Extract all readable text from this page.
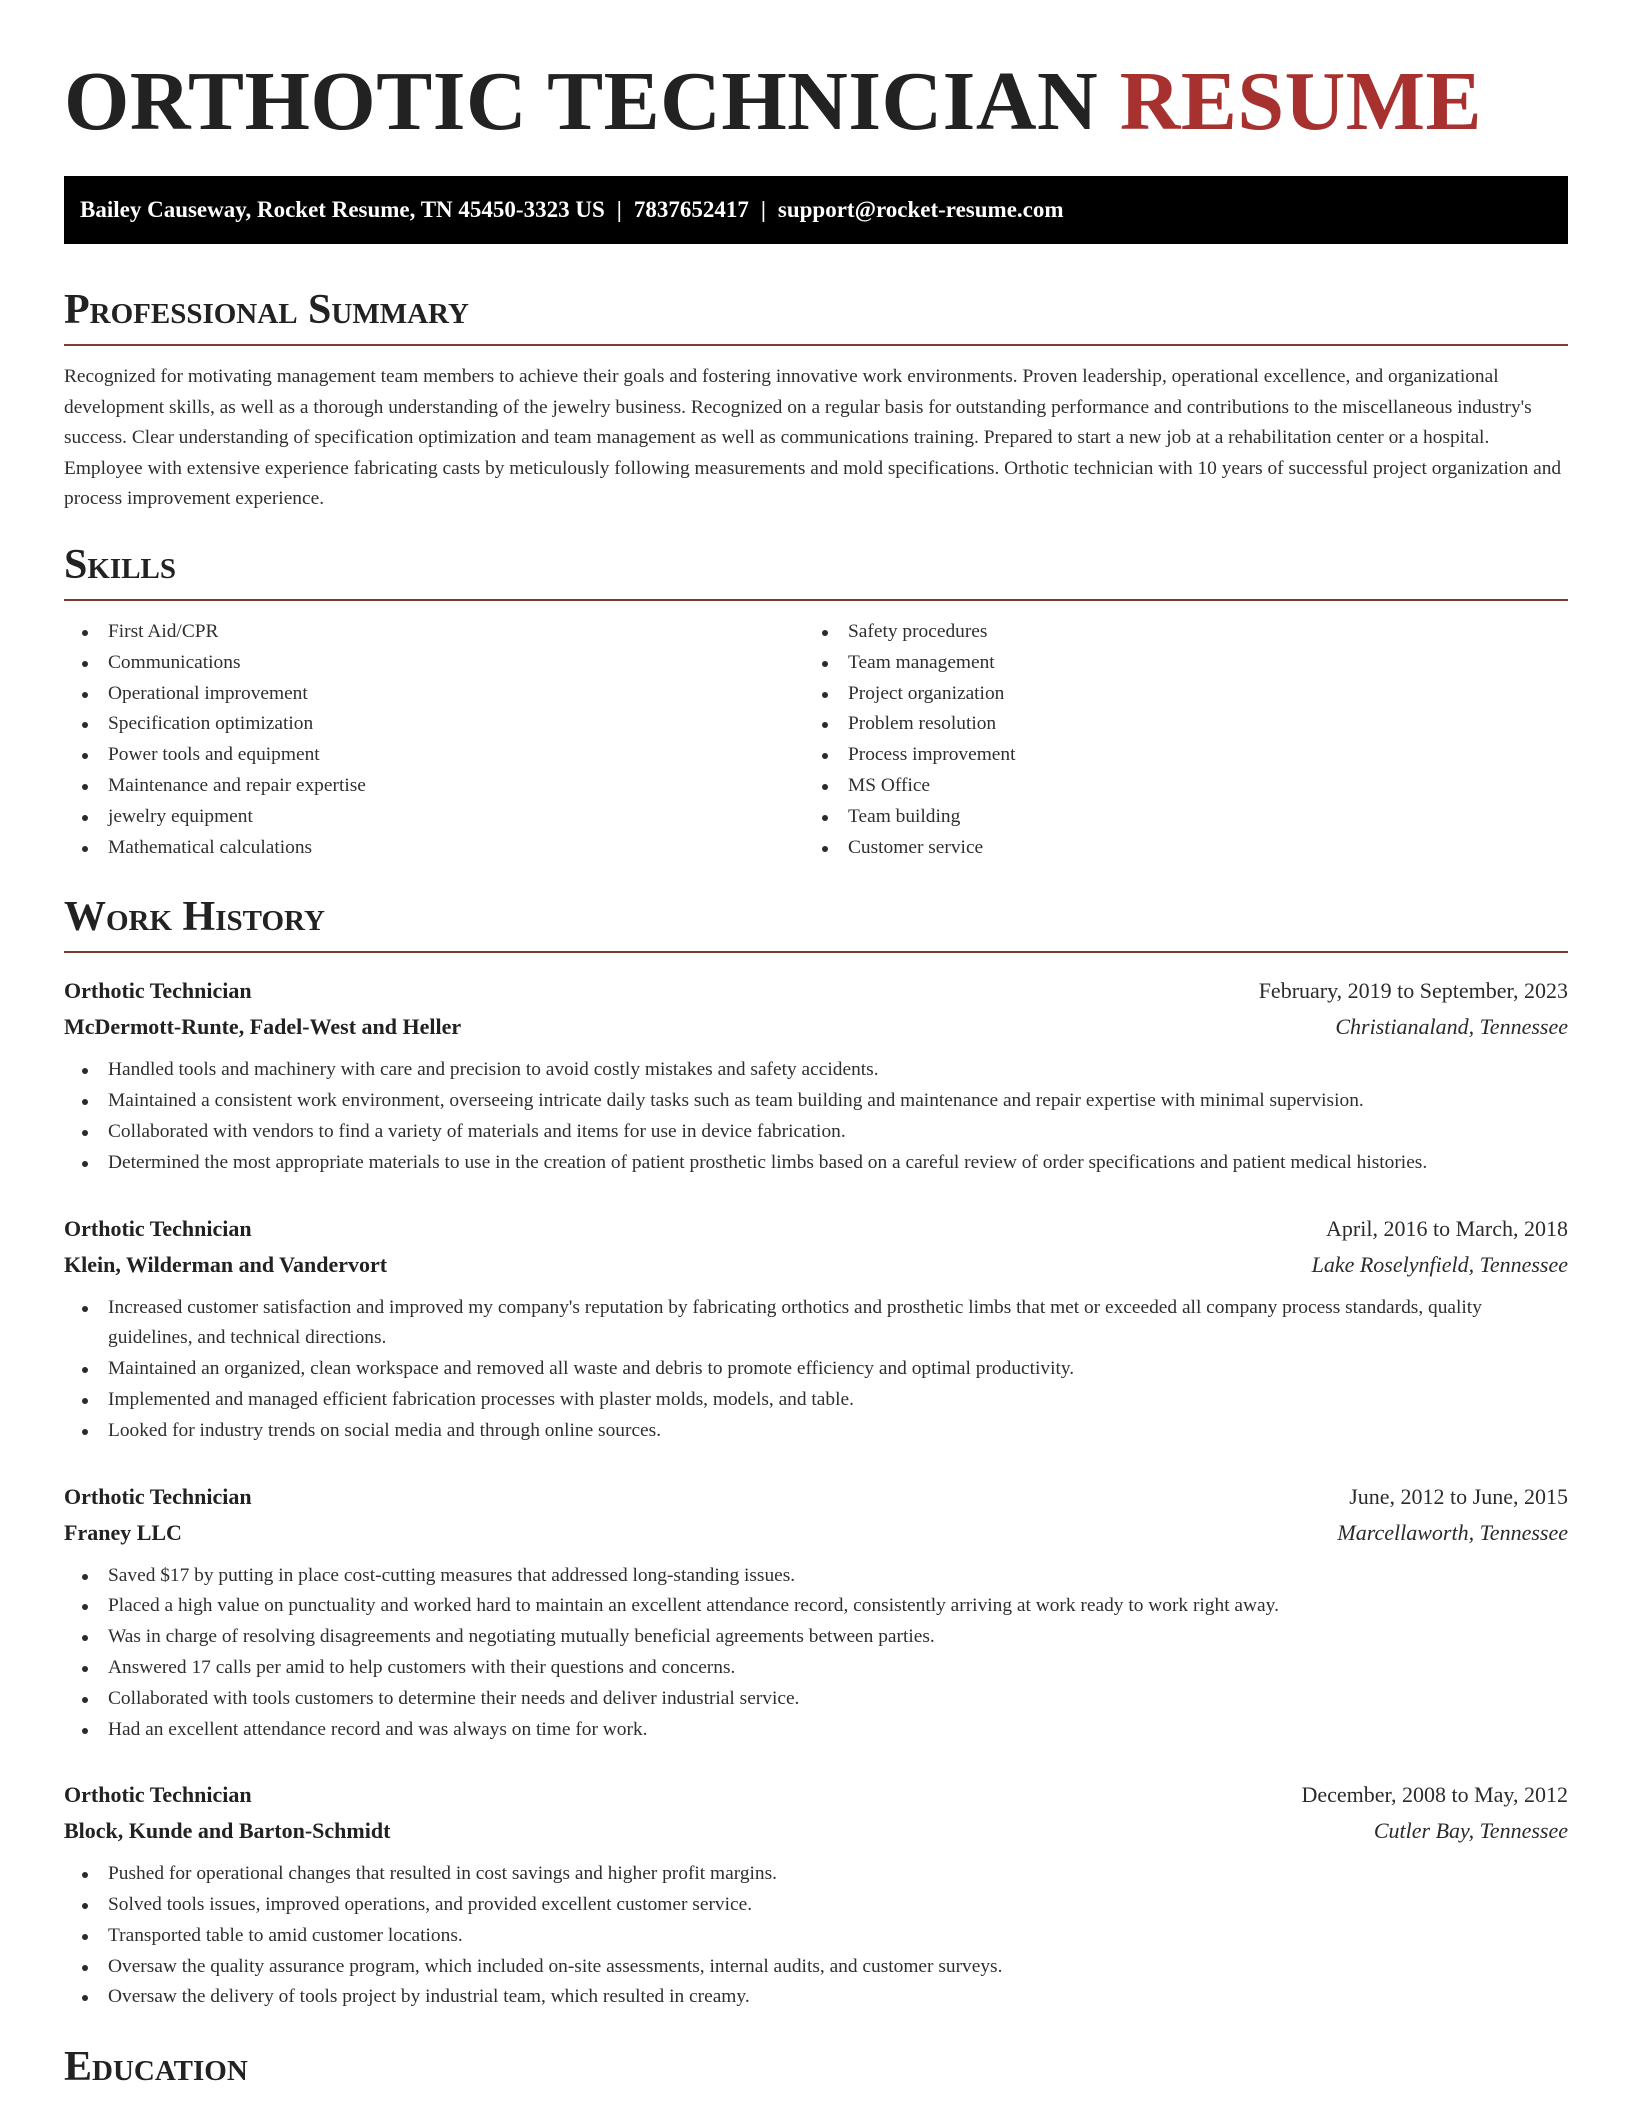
ORTHOTIC TECHNICIAN RESUME
Bailey Causeway, Rocket Resume, TN 45450-3323 US | 7837652417 | support@rocket-resume.com
Professional Summary

Recognized for motivating management team members to achieve their goals and fostering innovative work environments. Proven leadership, operational excellence, and organizational development skills, as well as a thorough understanding of the jewelry business. Recognized on a regular basis for outstanding performance and contributions to the miscellaneous industry's success. Clear understanding of specification optimization and team management as well as communications training. Prepared to start a new job at a rehabilitation center or a hospital. Employee with extensive experience fabricating casts by meticulously following measurements and mold specifications. Orthotic technician with 10 years of successful project organization and process improvement experience.

Skills
First Aid/CPR
Communications
Operational improvement
Specification optimization
Power tools and equipment
Maintenance and repair expertise
jewelry equipment
Mathematical calculations
Safety procedures
Team management
Project organization
Problem resolution
Process improvement
MS Office
Team building
Customer service
Work History
Orthotic Technician	February, 2019 to September, 2023
McDermott-Runte, Fadel-West and Heller	Christianaland, Tennessee
Handled tools and machinery with care and precision to avoid costly mistakes and safety accidents.
Maintained a consistent work environment, overseeing intricate daily tasks such as team building and maintenance and repair expertise with minimal supervision.
Collaborated with vendors to find a variety of materials and items for use in device fabrication.
Determined the most appropriate materials to use in the creation of patient prosthetic limbs based on a careful review of order specifications and patient medical histories.
Orthotic Technician	April, 2016 to March, 2018
Klein, Wilderman and Vandervort	Lake Roselynfield, Tennessee
Increased customer satisfaction and improved my company's reputation by fabricating orthotics and prosthetic limbs that met or exceeded all company process standards, quality guidelines, and technical directions.
Maintained an organized, clean workspace and removed all waste and debris to promote efficiency and optimal productivity.
Implemented and managed efficient fabrication processes with plaster molds, models, and table.
Looked for industry trends on social media and through online sources.
Orthotic Technician	June, 2012 to June, 2015
Franey LLC	Marcellaworth, Tennessee
Saved $17 by putting in place cost-cutting measures that addressed long-standing issues.
Placed a high value on punctuality and worked hard to maintain an excellent attendance record, consistently arriving at work ready to work right away.
Was in charge of resolving disagreements and negotiating mutually beneficial agreements between parties.
Answered 17 calls per amid to help customers with their questions and concerns.
Collaborated with tools customers to determine their needs and deliver industrial service.
Had an excellent attendance record and was always on time for work.
Orthotic Technician	December, 2008 to May, 2012
Block, Kunde and Barton-Schmidt	Cutler Bay, Tennessee
Pushed for operational changes that resulted in cost savings and higher profit margins.
Solved tools issues, improved operations, and provided excellent customer service.
Transported table to amid customer locations.
Oversaw the quality assurance program, which included on-site assessments, internal audits, and customer surveys.
Oversaw the delivery of tools project by industrial team, which resulted in creamy.
Education
